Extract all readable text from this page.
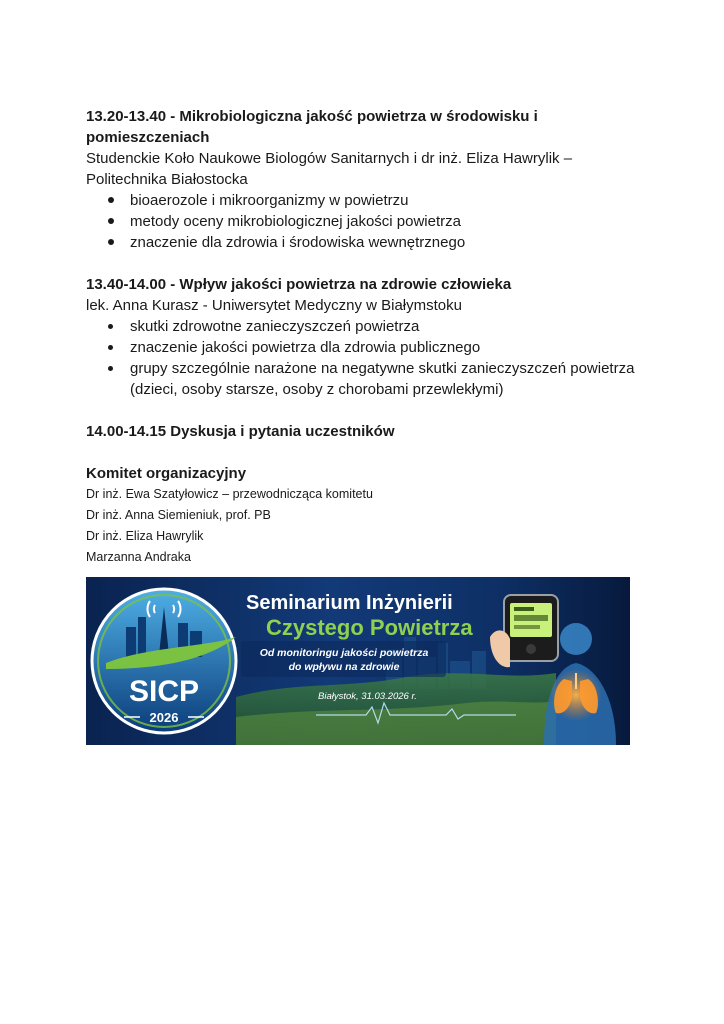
13.20-13.40 - Mikrobiologiczna jakość powietrza w środowisku i pomieszczeniach

Studenckie Koło Naukowe Biologów Sanitarnych i dr inż. Eliza Hawrylik – Politechnika Białostocka

bioaerozole i mikroorganizmy w powietrzu
metody oceny mikrobiologicznej jakości powietrza
znaczenie dla zdrowia i środowiska wewnętrznego

13.40-14.00 - Wpływ jakości powietrza na zdrowie człowieka

lek. Anna Kurasz - Uniwersytet Medyczny w Białymstoku

skutki zdrowotne zanieczyszczeń powietrza
znaczenie jakości powietrza dla zdrowia publicznego
grupy szczególnie narażone na negatywne skutki zanieczyszczeń powietrza (dzieci, osoby starsze, osoby z chorobami przewlekłymi)

14.00-14.15 Dyskusja i pytania uczestników

Komitet organizacyjny

Dr inż. Ewa Szatyłowicz – przewodnicząca komitetu

Dr inż. Anna Siemieniuk, prof. PB

Dr inż. Eliza Hawrylik

Marzanna Andraka

SICP
2026
Seminarium Inżynierii
Czystego Powietrza
Od monitoringu jakości powietrza
do wpływu na zdrowie
Białystok, 31.03.2026 r.
